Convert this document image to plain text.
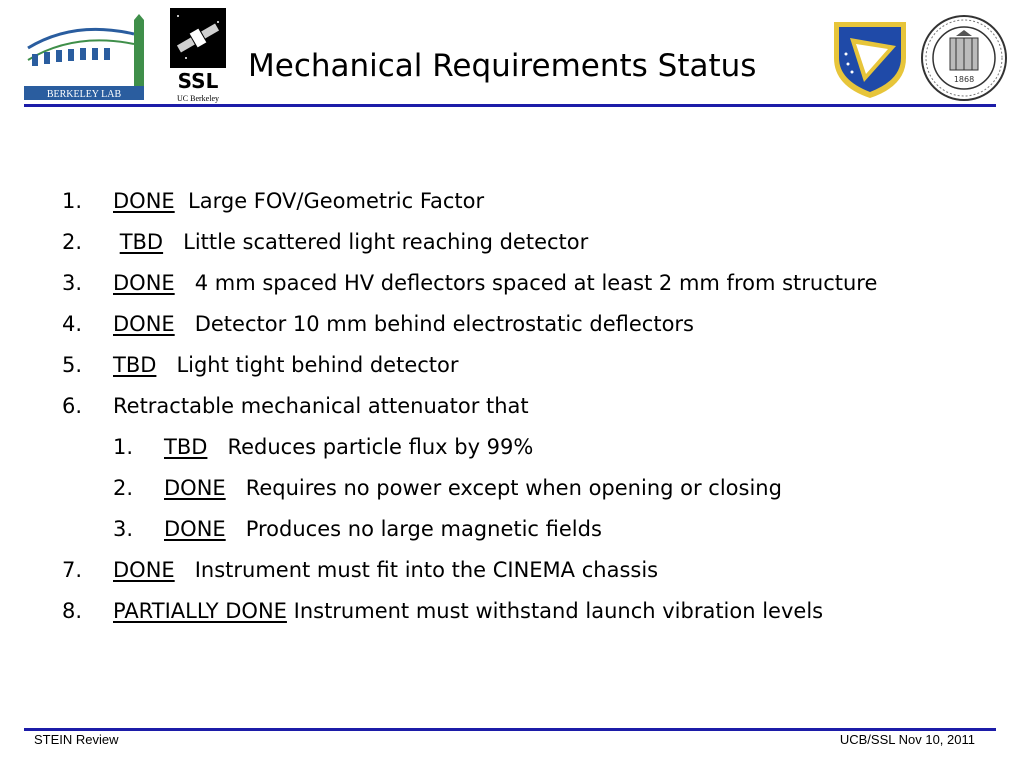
BERKELEY LAB
SSL
UC Berkeley
Mechanical Requirements Status	1868
1. DONE Large FOV/Geometric Factor
2.	TBD Little scattered light reaching detector
3. DONE 4 mm spaced HV deflectors spaced at least 2 mm from structure
4. DONE Detector 10 mm behind electrostatic deflectors
5. TBD Light tight behind detector
6. Retractable mechanical attenuator that
1. TBD Reduces particle flux by 99%
2. DONE Requires no power except when opening or closing
3. DONE Produces no large magnetic fields
7. DONE Instrument must fit into the CINEMA chassis
8. PARTIALLY DONE Instrument must withstand launch vibration levels
STEIN Review	UCB/SSL Nov 10, 2011
